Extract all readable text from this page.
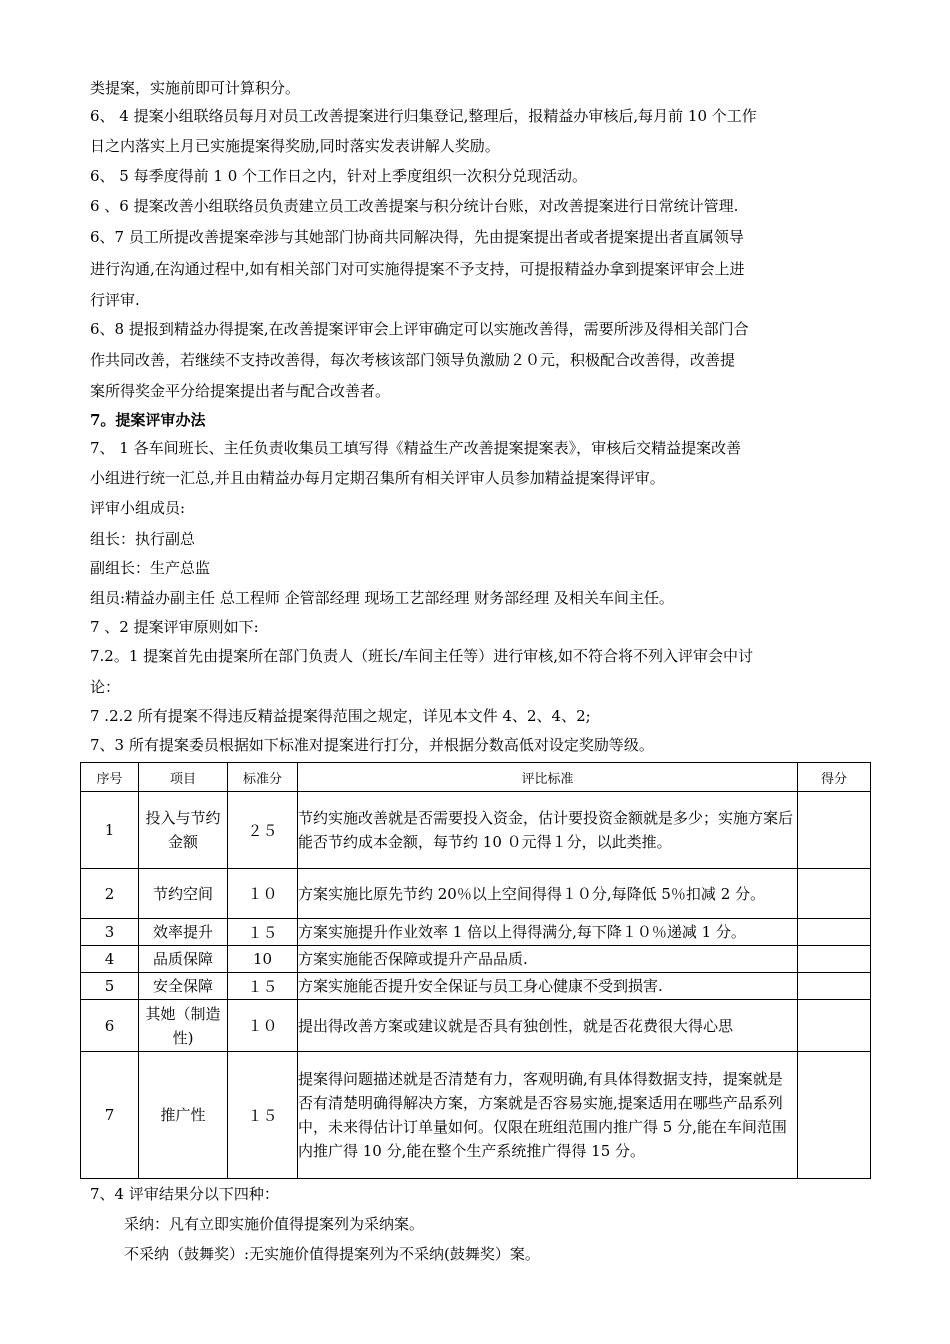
类提案，实施前即可计算积分。
6、 4 提案小组联络员每月对员工改善提案进行归集登记,整理后，报精益办审核后,每月前 10 个工作
日之内落实上月已实施提案得奖励,同时落实发表讲解人奖励。
6、 5 每季度得前 1 0 个工作日之内，针对上季度组织一次积分兑现活动。
6 、6 提案改善小组联络员负责建立员工改善提案与积分统计台账，对改善提案进行日常统计管理.
6、7 员工所提改善提案牵涉与其她部门协商共同解决得，先由提案提出者或者提案提出者直属领导
进行沟通,在沟通过程中,如有相关部门对可实施得提案不予支持，可提报精益办拿到提案评审会上进
行评审.
6、8 提报到精益办得提案,在改善提案评审会上评审确定可以实施改善得，需要所涉及得相关部门合
作共同改善，若继续不支持改善得，每次考核该部门领导负激励２０元，积极配合改善得，改善提
案所得奖金平分给提案提出者与配合改善者。
7。提案评审办法
7、 1 各车间班长、主任负责收集员工填写得《精益生产改善提案提案表》，审核后交精益提案改善
小组进行统一汇总,并且由精益办每月定期召集所有相关评审人员参加精益提案得评审。
评审小组成员:
组长：执行副总
副组长：生产总监
组员:精益办副主任 总工程师 企管部经理 现场工艺部经理 财务部经理 及相关车间主任。
7 、2 提案评审原则如下:
7.2。1 提案首先由提案所在部门负责人（班长/车间主任等）进行审核,如不符合将不列入评审会中讨
论：
7 .2.2 所有提案不得违反精益提案得范围之规定，详见本文件 4、2、4、2;
7、3 所有提案委员根据如下标准对提案进行打分，并根据分数高低对设定奖励等级。
序号	项目	标准分	评比标准	得分
1	投入与节约金额	２５	节约实施改善就是否需要投入资金，估计要投资金额就是多少；实施方案后能否节约成本金额，每节约 10 ０元得１分，以此类推。	
2	节约空间	１０	方案实施比原先节约 20％以上空间得得１０分,每降低 5％扣减 2 分。	
3	效率提升	１５	方案实施提升作业效率 1 倍以上得得满分,每下降１０％递减 1 分。	
4	品质保障	10	方案实施能否保障或提升产品品质.	
5	安全保障	１５	方案实施能否提升安全保证与员工身心健康不受到损害.	
6	其她（制造性)	１０	提出得改善方案或建议就是否具有独创性，就是否花费很大得心思	
7	推广性	１５	提案得问题描述就是否清楚有力，客观明确,有具体得数据支持，提案就是否有清楚明确得解决方案，方案就是否容易实施,提案适用在哪些产品系列中，未来得估计订单量如何。仅限在班组范围内推广得 5 分,能在车间范围内推广得 10 分,能在整个生产系统推广得得 15 分。	
7、4 评审结果分以下四种：
采纳：凡有立即实施价值得提案列为采纳案。
不采纳（鼓舞奖）:无实施价值得提案列为不采纳(鼓舞奖）案。
